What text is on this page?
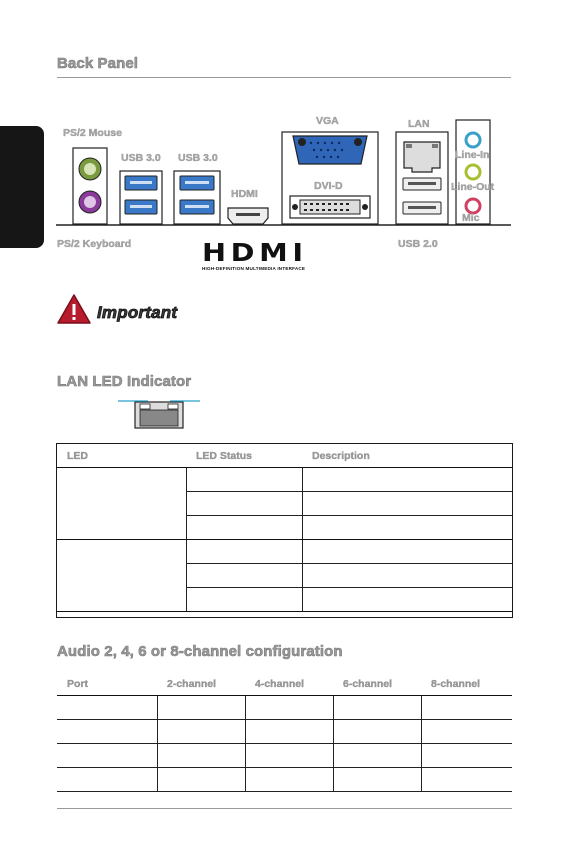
Back Panel
PS/2 Mouse
USB 3.0 USB 3.0
HDMI
VGA
DVI-D
LAN
Line-In
Line-Out
Mic
PS/2 Keyboard	USB 2.0
HDMI
HIGH-DEFINITION MULTIMEDIA INTERFACE
Important
LAN LED Indicator
LED	LED Status	Description

Audio 2, 4, 6 or 8-channel configuration
Port	2-channel	4-channel	6-channel	8-channel
